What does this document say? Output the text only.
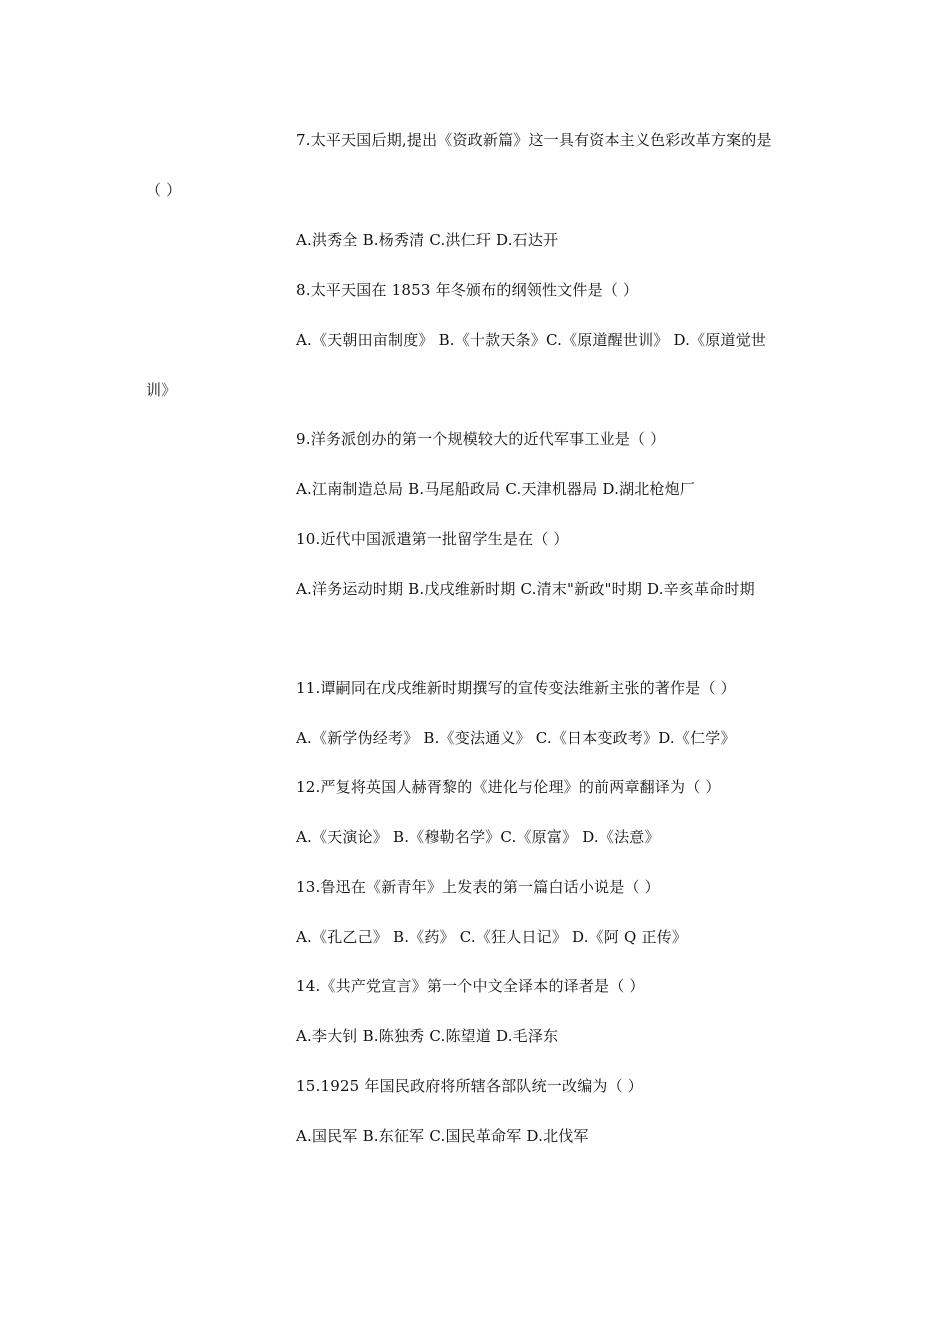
7.太平天国后期,提出《资政新篇》这一具有资本主义色彩改革方案的是
（ ）
A.洪秀全 B.杨秀清 C.洪仁玕 D.石达开
8.太平天国在 1853 年冬颁布的纲领性文件是（ ）
A.《天朝田亩制度》 B.《十款天条》C.《原道醒世训》 D.《原道觉世
训》
9.洋务派创办的第一个规模较大的近代军事工业是（ ）
A.江南制造总局 B.马尾船政局 C.天津机器局 D.湖北枪炮厂
10.近代中国派遣第一批留学生是在（ ）
A.洋务运动时期 B.戊戌维新时期 C.清末"新政"时期 D.辛亥革命时期
11.谭嗣同在戊戌维新时期撰写的宣传变法维新主张的著作是（ ）
A.《新学伪经考》 B.《变法通义》 C.《日本变政考》D.《仁学》
12.严复将英国人赫胥黎的《进化与伦理》的前两章翻译为（ ）
A.《天演论》 B.《穆勒名学》C.《原富》 D.《法意》
13.鲁迅在《新青年》上发表的第一篇白话小说是（ ）
A.《孔乙己》 B.《药》 C.《狂人日记》 D.《阿 Q 正传》
14.《共产党宣言》第一个中文全译本的译者是（ ）
A.李大钊 B.陈独秀 C.陈望道 D.毛泽东
15.1925 年国民政府将所辖各部队统一改编为（ ）
A.国民军 B.东征军 C.国民革命军 D.北伐军
